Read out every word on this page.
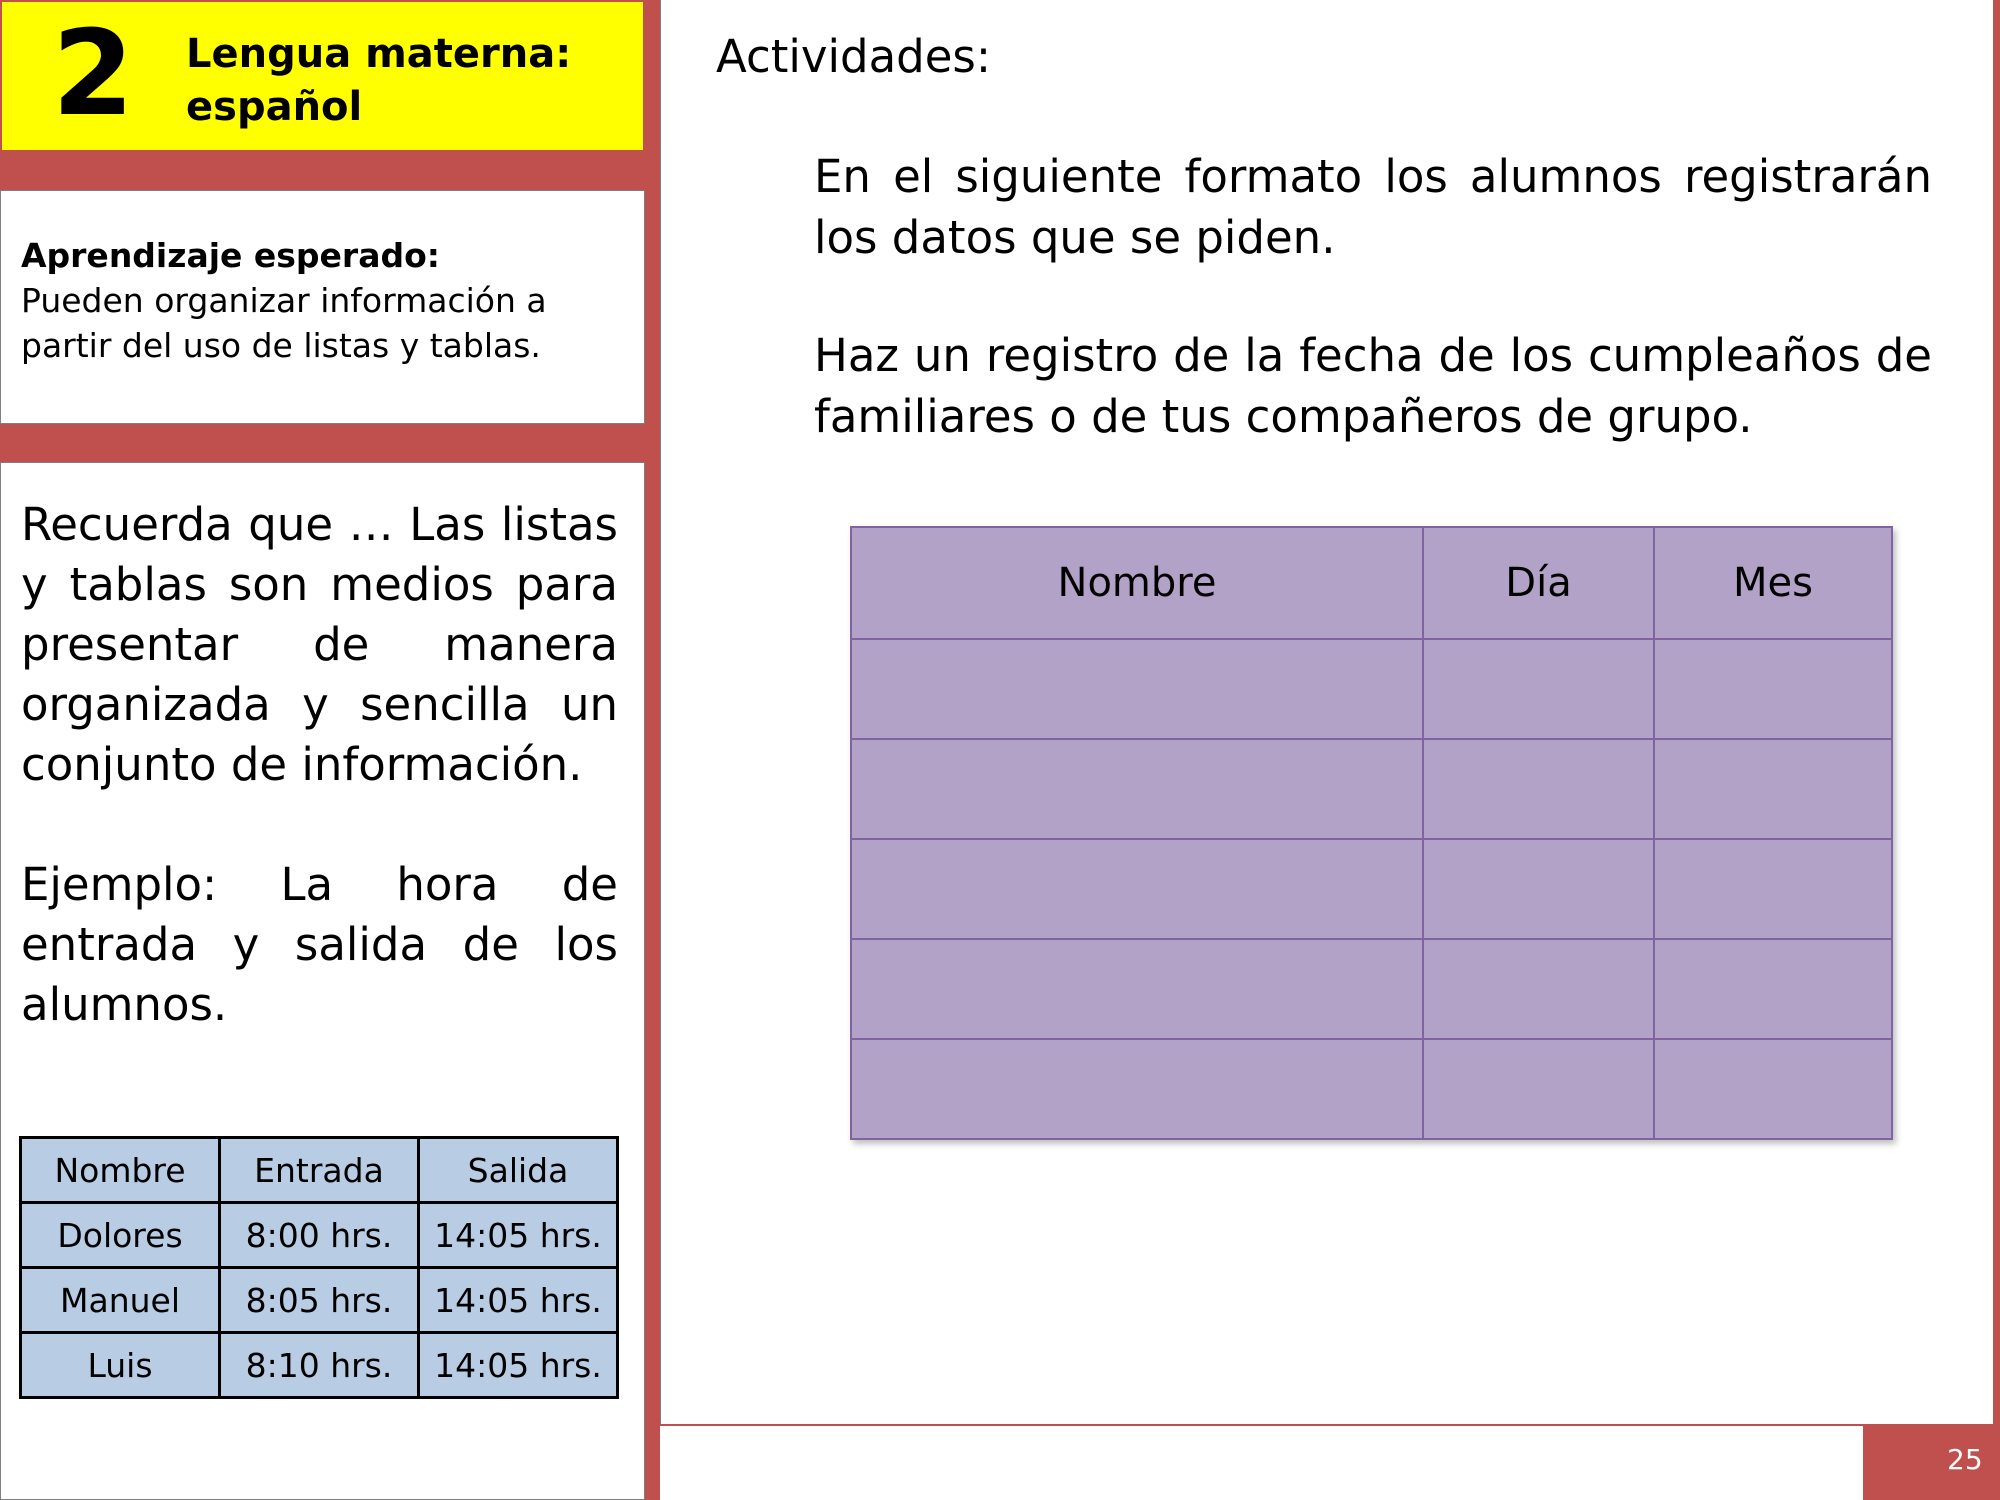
2 Lengua materna:
español
Aprendizaje esperado:
Pueden organizar información a
partir del uso de listas y tablas.

Recuerda que … Las listas y tablas son medios para presentar de manera organizada y sencilla un conjunto de información.

Ejemplo: La hora de entrada y salida de los alumnos.

Nombre	Entrada	Salida
Dolores	8:00 hrs.	14:05 hrs.
Manuel	8:05 hrs.	14:05 hrs.
Luis	8:10 hrs.	14:05 hrs.
Actividades:

En el siguiente formato los alumnos registrarán los datos que se piden.

Haz un registro de la fecha de los cumpleaños de familiares o de tus compañeros de grupo.

Nombre	Día	Mes

25
